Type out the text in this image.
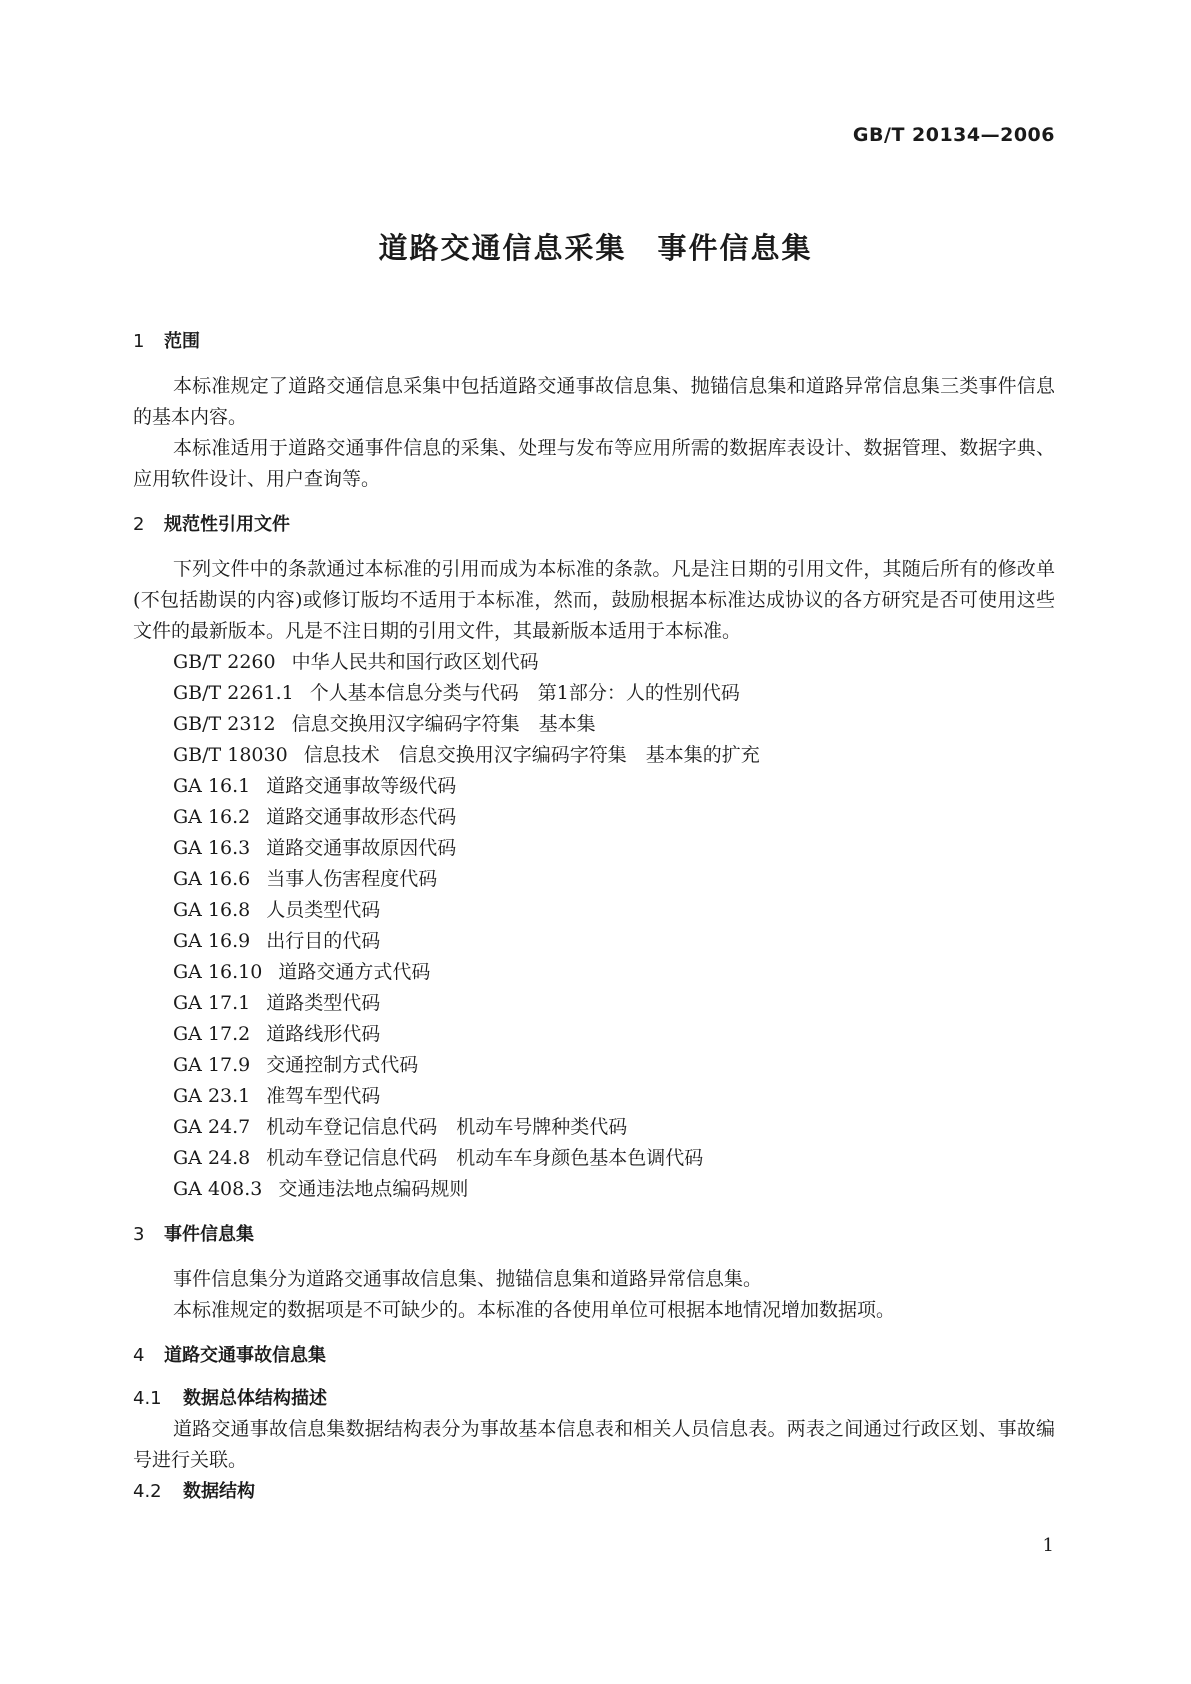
GB/T 20134—2006
道路交通信息采集　事件信息集
1 范围
本标准规定了道路交通信息采集中包括道路交通事故信息集、抛锚信息集和道路异常信息集三类事件信息的基本内容。
本标准适用于道路交通事件信息的采集、处理与发布等应用所需的数据库表设计、数据管理、数据字典、应用软件设计、用户查询等。
2 规范性引用文件
下列文件中的条款通过本标准的引用而成为本标准的条款。凡是注日期的引用文件，其随后所有的修改单(不包括勘误的内容)或修订版均不适用于本标准，然而，鼓励根据本标准达成协议的各方研究是否可使用这些文件的最新版本。凡是不注日期的引用文件，其最新版本适用于本标准。
GB/T 2260 中华人民共和国行政区划代码
GB/T 2261.1 个人基本信息分类与代码　第1部分：人的性别代码
GB/T 2312 信息交换用汉字编码字符集　基本集
GB/T 18030 信息技术　信息交换用汉字编码字符集　基本集的扩充
GA 16.1 道路交通事故等级代码
GA 16.2 道路交通事故形态代码
GA 16.3 道路交通事故原因代码
GA 16.6 当事人伤害程度代码
GA 16.8 人员类型代码
GA 16.9 出行目的代码
GA 16.10 道路交通方式代码
GA 17.1 道路类型代码
GA 17.2 道路线形代码
GA 17.9 交通控制方式代码
GA 23.1 准驾车型代码
GA 24.7 机动车登记信息代码　机动车号牌种类代码
GA 24.8 机动车登记信息代码　机动车车身颜色基本色调代码
GA 408.3 交通违法地点编码规则
3 事件信息集
事件信息集分为道路交通事故信息集、抛锚信息集和道路异常信息集。
本标准规定的数据项是不可缺少的。本标准的各使用单位可根据本地情况增加数据项。
4 道路交通事故信息集
4.1 数据总体结构描述
道路交通事故信息集数据结构表分为事故基本信息表和相关人员信息表。两表之间通过行政区划、事故编号进行关联。
4.2 数据结构
1
